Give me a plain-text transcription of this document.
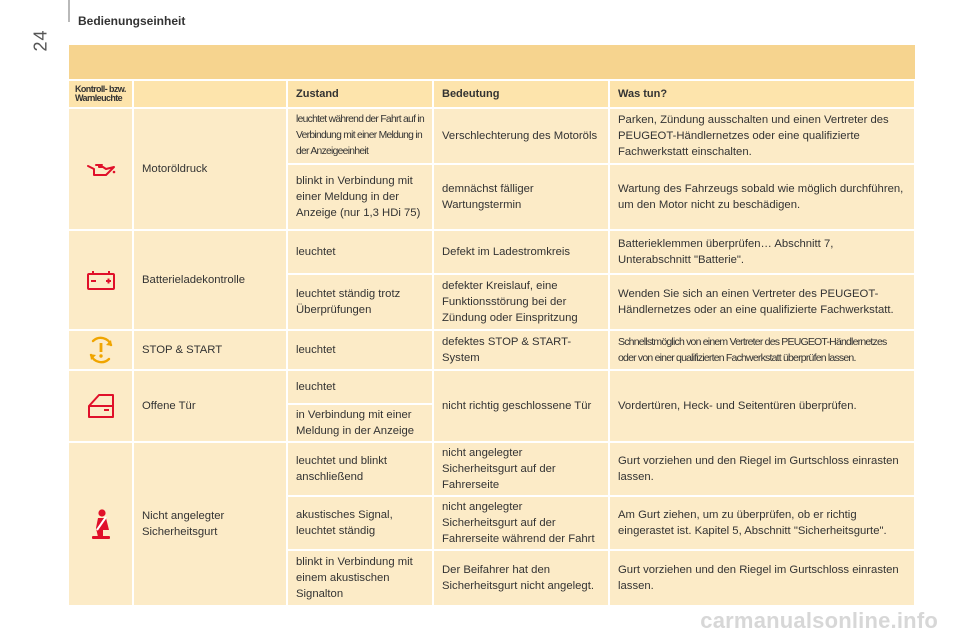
24
Bedienungseinheit
Kontroll- bzw. Warnleuchte		Zustand	Bedeutung	Was tun?
	Motoröldruck	leuchtet während der Fahrt auf in Verbindung mit einer Meldung in der Anzeigeeinheit	Verschlechterung des Motoröls	Parken, Zündung ausschalten und einen Vertreter des PEUGEOT-Händlernetzes oder eine qualifizierte Fachwerkstatt einschalten.
		blinkt in Verbindung mit einer Meldung in der Anzeige (nur 1,3 HDi 75)	demnächst fälliger Wartungstermin	Wartung des Fahrzeugs sobald wie möglich durchführen, um den Motor nicht zu beschädigen.
	Batterieladekontrolle	leuchtet	Defekt im Ladestromkreis	Batterieklemmen überprüfen… Abschnitt 7, Unterabschnitt "Batterie".
		leuchtet ständig trotz Überprüfungen	defekter Kreislauf, eine Funktionsstörung bei der Zündung oder Einspritzung	Wenden Sie sich an einen Vertreter des PEUGEOT-Händlernetzes oder an eine qualifizierte Fachwerkstatt.
	STOP & START	leuchtet	defektes STOP & START-System	Schnellstmöglich von einem Vertreter des PEUGEOT-Händlernetzes oder von einer qualifizierten Fachwerkstatt überprüfen lassen.
	Offene Tür	leuchtet	nicht richtig geschlossene Tür	Vordertüren, Heck- und Seitentüren überprüfen.
		in Verbindung mit einer Meldung in der Anzeige		
	Nicht angelegter Sicherheitsgurt	leuchtet und blinkt anschließend	nicht angelegter Sicherheitsgurt auf der Fahrerseite	Gurt vorziehen und den Riegel im Gurtschloss einrasten lassen.
		akustisches Signal, leuchtet ständig	nicht angelegter Sicherheitsgurt auf der Fahrerseite während der Fahrt	Am Gurt ziehen, um zu überprüfen, ob er richtig eingerastet ist. Kapitel 5, Abschnitt "Sicherheitsgurte".
		blinkt in Verbindung mit einem akustischen Signalton	Der Beifahrer hat den Sicherheitsgurt nicht angelegt.	Gurt vorziehen und den Riegel im Gurtschloss einrasten lassen.
carmanualsonline.info
